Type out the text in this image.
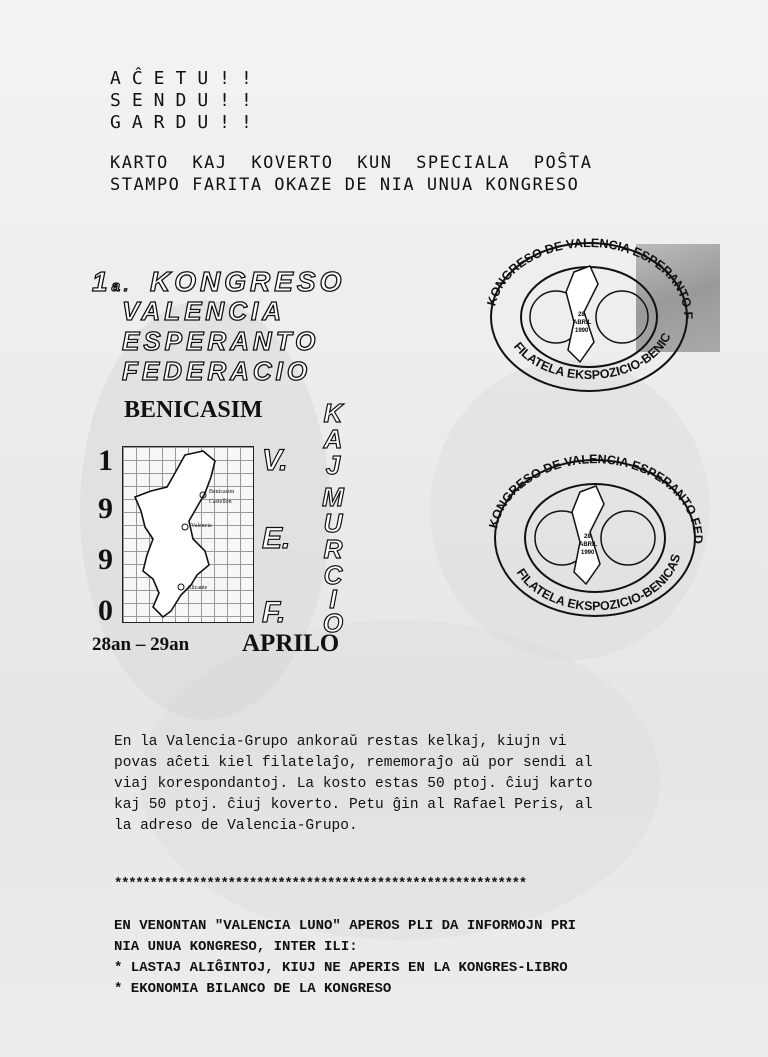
AĈETU!!
SENDU!!
GARDU!!
KARTO KAJ KOVERTO KUN SPECIALA POŜTA
STAMPO FARITA OKAZE DE NIA UNUA KONGRESO
1a. KONGRESO
VALENCIA
ESPERANTO
FEDERACIO
BENICASIM
1
9
9
0
Benicasim
Castellón
Valencia
Alicante
V.
E.
F.
K
A
J
M
U
R
C
I
O
28an – 29an APRILO
KONGRESO DE VALENCIA ESPERANTO F
FILATELA EKSPOZICIO-BENIC
28
ABRIL
1990
KONGRESO DE VALENCIA ESPERANTO FED
FILATELA EKSPOZICIO-BENICAS
28
ABRIL
1990

En la Valencia-Grupo ankoraŭ restas kelkaj, kiujn vi

povas aĉeti kiel filatelaĵo, rememoraĵo aŭ por sendi al

viaj korespondantoj. La kosto estas 50 ptoj. ĉiuj karto

kaj 50 ptoj. ĉiuj koverto. Petu ĝin al Rafael Peris, al

la adreso de Valencia-Grupo.

**********************************************************

EN VENONTAN "VALENCIA LUNO" APEROS PLI DA INFORMOJN PRI

NIA UNUA KONGRESO, INTER ILI:

* LASTAJ ALIĜINTOJ, KIUJ NE APERIS EN LA KONGRES-LIBRO

* EKONOMIA BILANCO DE LA KONGRESO
